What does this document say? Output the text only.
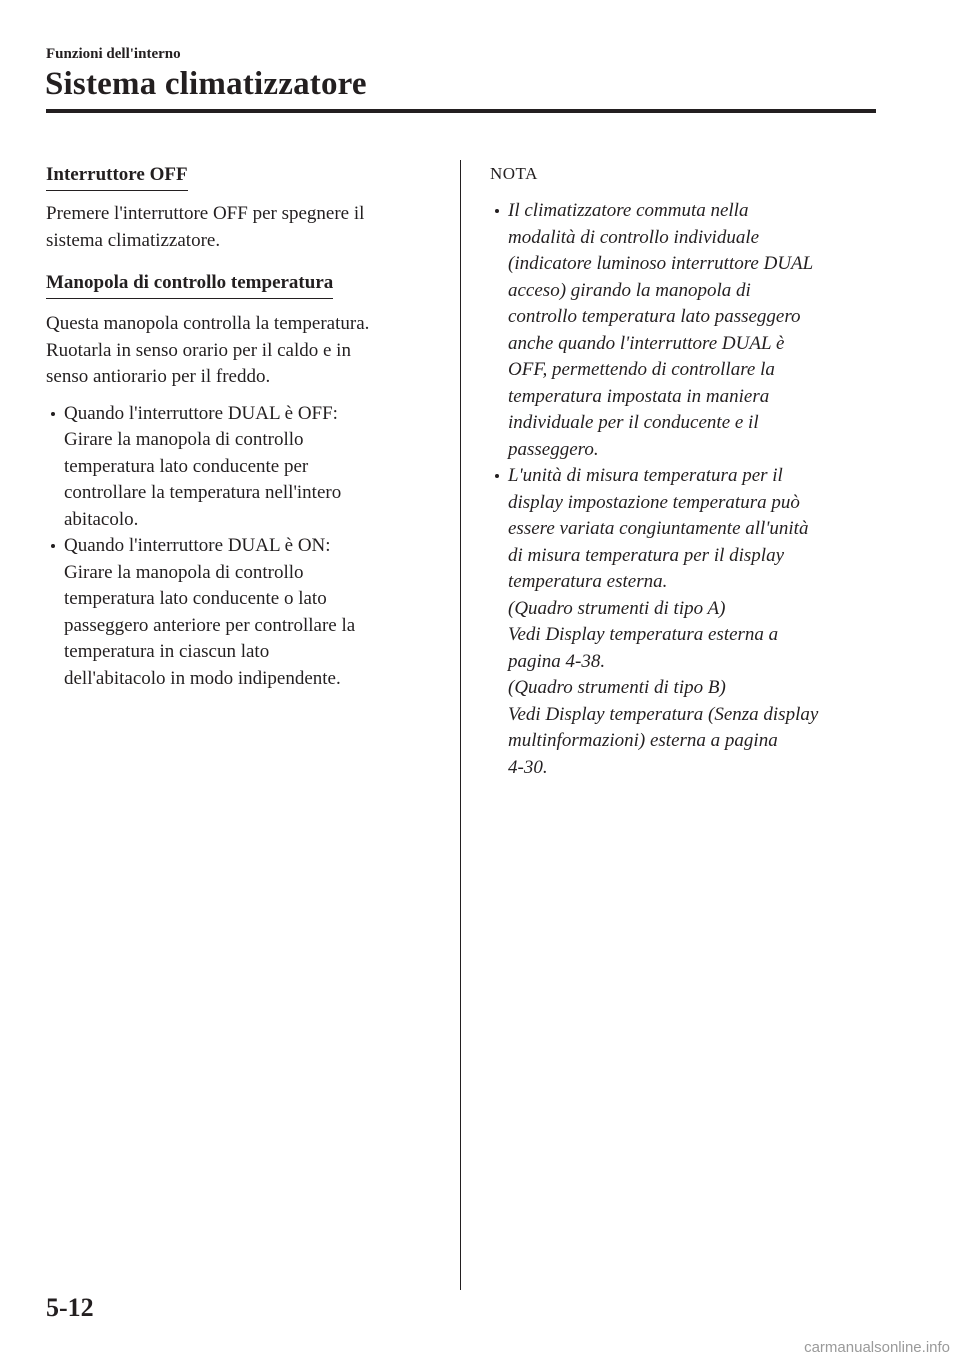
Funzioni dell'interno
Sistema climatizzatore
Interruttore OFF

Premere l'interruttore OFF per spegnere il
sistema climatizzatore.

Manopola di controllo temperatura

Questa manopola controlla la temperatura.
Ruotarla in senso orario per il caldo e in
senso antiorario per il freddo.

Quando l'interruttore DUAL è OFF:
Girare la manopola di controllo
temperatura lato conducente per
controllare la temperatura nell'intero
abitacolo.
Quando l'interruttore DUAL è ON:
Girare la manopola di controllo
temperatura lato conducente o lato
passeggero anteriore per controllare la
temperatura in ciascun lato
dell'abitacolo in modo indipendente.

NOTA

Il climatizzatore commuta nella
modalità di controllo individuale
(indicatore luminoso interruttore DUAL
acceso) girando la manopola di
controllo temperatura lato passeggero
anche quando l'interruttore DUAL è
OFF, permettendo di controllare la
temperatura impostata in maniera
individuale per il conducente e il
passeggero.
L'unità di misura temperatura per il
display impostazione temperatura può
essere variata congiuntamente all'unità
di misura temperatura per il display
temperatura esterna.
(Quadro strumenti di tipo A)
Vedi Display temperatura esterna a
pagina 4-38.
(Quadro strumenti di tipo B)
Vedi Display temperatura (Senza display
multinformazioni) esterna a pagina
4-30.
5-12
carmanualsonline.info
